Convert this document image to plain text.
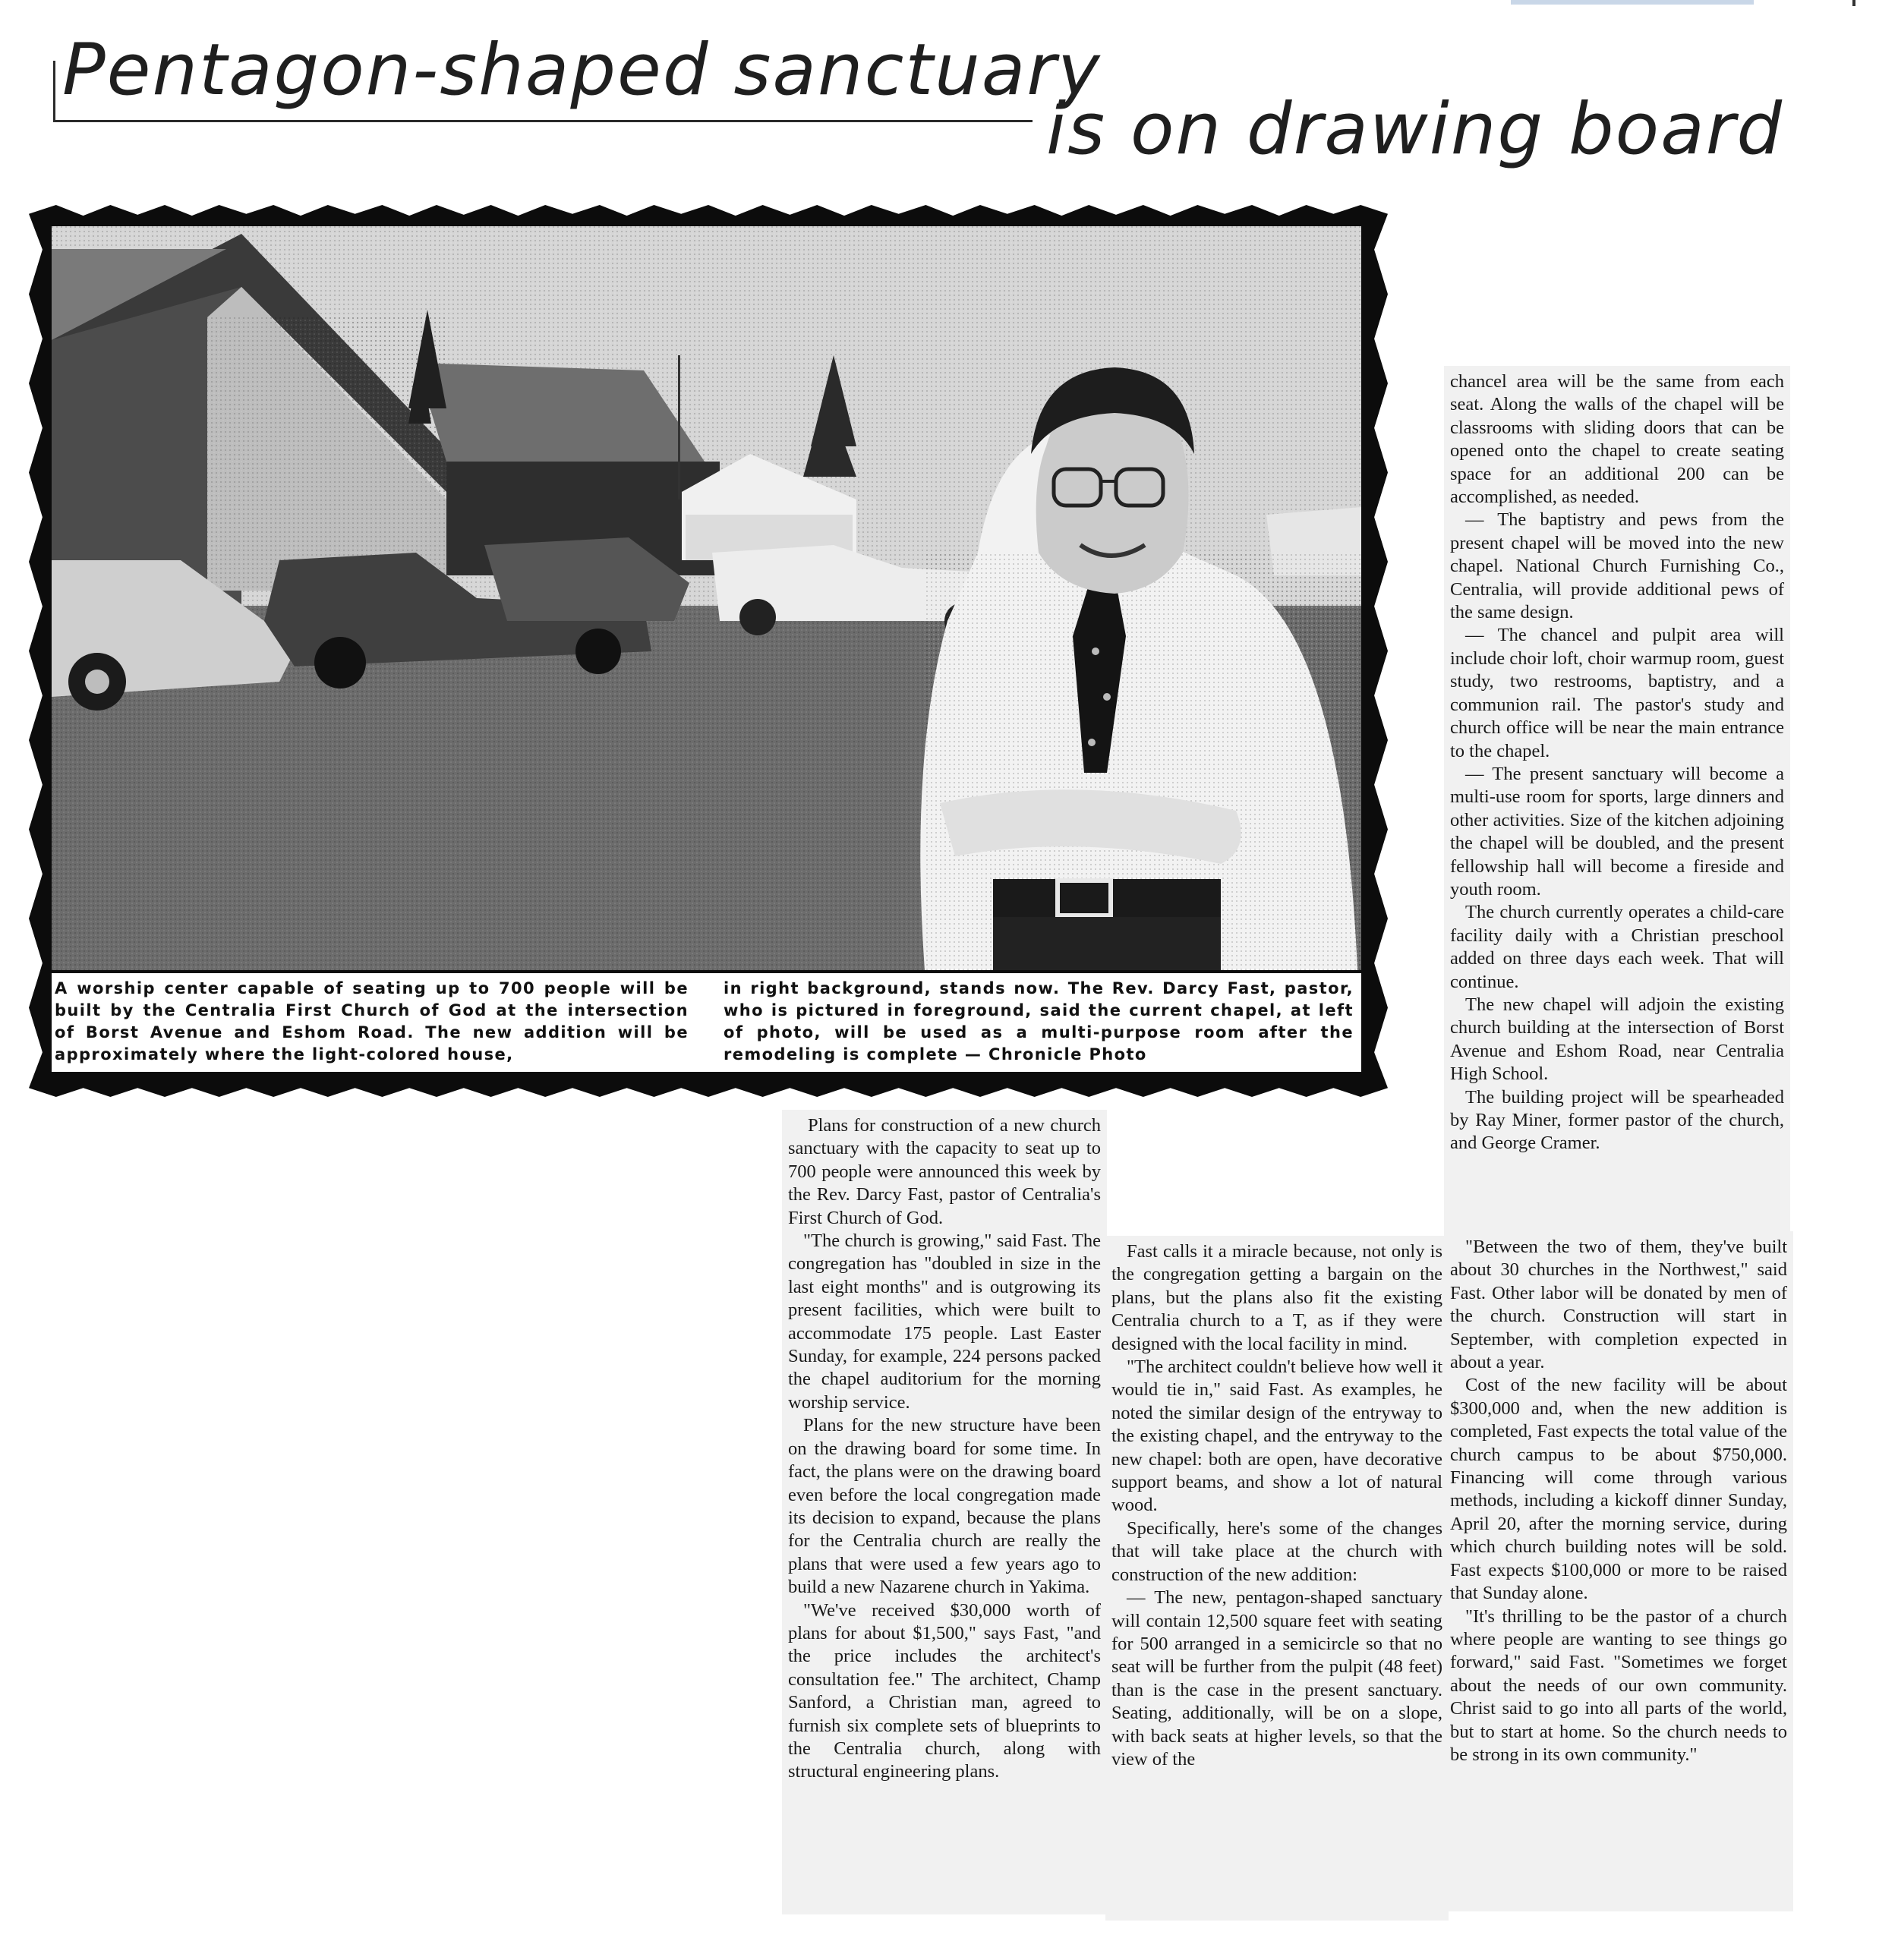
Pentagon-shaped sanctuary
is on drawing board
A worship center capable of seating up to 700 people will be built by the Centralia First Church of God at the intersection of Borst Avenue and Eshom Road. The new addition will be approximately where the light-colored house,
in right background, stands now. The Rev. Darcy Fast, pastor, who is pictured in foreground, said the current chapel, at left of photo, will be used as a multi-purpose room after the remodeling is complete — Chronicle Photo

Plans for construction of a new church sanctuary with the capacity to seat up to 700 people were announced this week by the Rev. Darcy Fast, pastor of Centralia's First Church of God.

"The church is growing," said Fast. The congregation has "doubled in size in the last eight months" and is outgrowing its present facilities, which were built to accommodate 175 people. Last Easter Sunday, for example, 224 persons packed the chapel auditorium for the morning worship service.

Plans for the new structure have been on the drawing board for some time. In fact, the plans were on the drawing board even before the local congregation made its decision to expand, because the plans for the Centralia church are really the plans that were used a few years ago to build a new Nazarene church in Yakima.

"We've received $30,000 worth of plans for about $1,500," says Fast, "and the price includes the architect's consultation fee." The architect, Champ Sanford, a Christian man, agreed to furnish six complete sets of blueprints to the Centralia church, along with structural engineering plans.

Fast calls it a miracle because, not only is the congregation getting a bargain on the plans, but the plans also fit the existing Centralia church to a T, as if they were designed with the local facility in mind.

"The architect couldn't believe how well it would tie in," said Fast. As examples, he noted the similar design of the entryway to the existing chapel, and the entryway to the new chapel: both are open, have decorative support beams, and show a lot of natural wood.

Specifically, here's some of the changes that will take place at the church with construction of the new addition:

— The new, pentagon-shaped sanctuary will contain 12,500 square feet with seating for 500 arranged in a semicircle so that no seat will be further from the pulpit (48 feet) than is the case in the present sanctuary. Seating, additionally, will be on a slope, with back seats at higher levels, so that the view of the

chancel area will be the same from each seat. Along the walls of the chapel will be classrooms with sliding doors that can be opened onto the chapel to create seating space for an additional 200 can be accomplished, as needed.

— The baptistry and pews from the present chapel will be moved into the new chapel. National Church Furnishing Co., Centralia, will provide additional pews of the same design.

— The chancel and pulpit area will include choir loft, choir warmup room, guest study, two restrooms, baptistry, and a communion rail. The pastor's study and church office will be near the main entrance to the chapel.

— The present sanctuary will become a multi-use room for sports, large dinners and other activities. Size of the kitchen adjoining the chapel will be doubled, and the present fellowship hall will become a fireside and youth room.

The church currently operates a child-care facility daily with a Christian preschool added on three days each week. That will continue.

The new chapel will adjoin the existing church building at the intersection of Borst Avenue and Eshom Road, near Centralia High School.

The building project will be spearheaded by Ray Miner, former pastor of the church, and George Cramer.

"Between the two of them, they've built about 30 churches in the Northwest," said Fast. Other labor will be donated by men of the church. Construction will start in September, with completion expected in about a year.

Cost of the new facility will be about $300,000 and, when the new addition is completed, Fast expects the total value of the church campus to be about $750,000. Financing will come through various methods, including a kickoff dinner Sunday, April 20, after the morning service, during which church building notes will be sold. Fast expects $100,000 or more to be raised that Sunday alone.

"It's thrilling to be the pastor of a church where people are wanting to see things go forward," said Fast. "Sometimes we forget about the needs of our own community. Christ said to go into all parts of the world, but to start at home. So the church needs to be strong in its own community."
